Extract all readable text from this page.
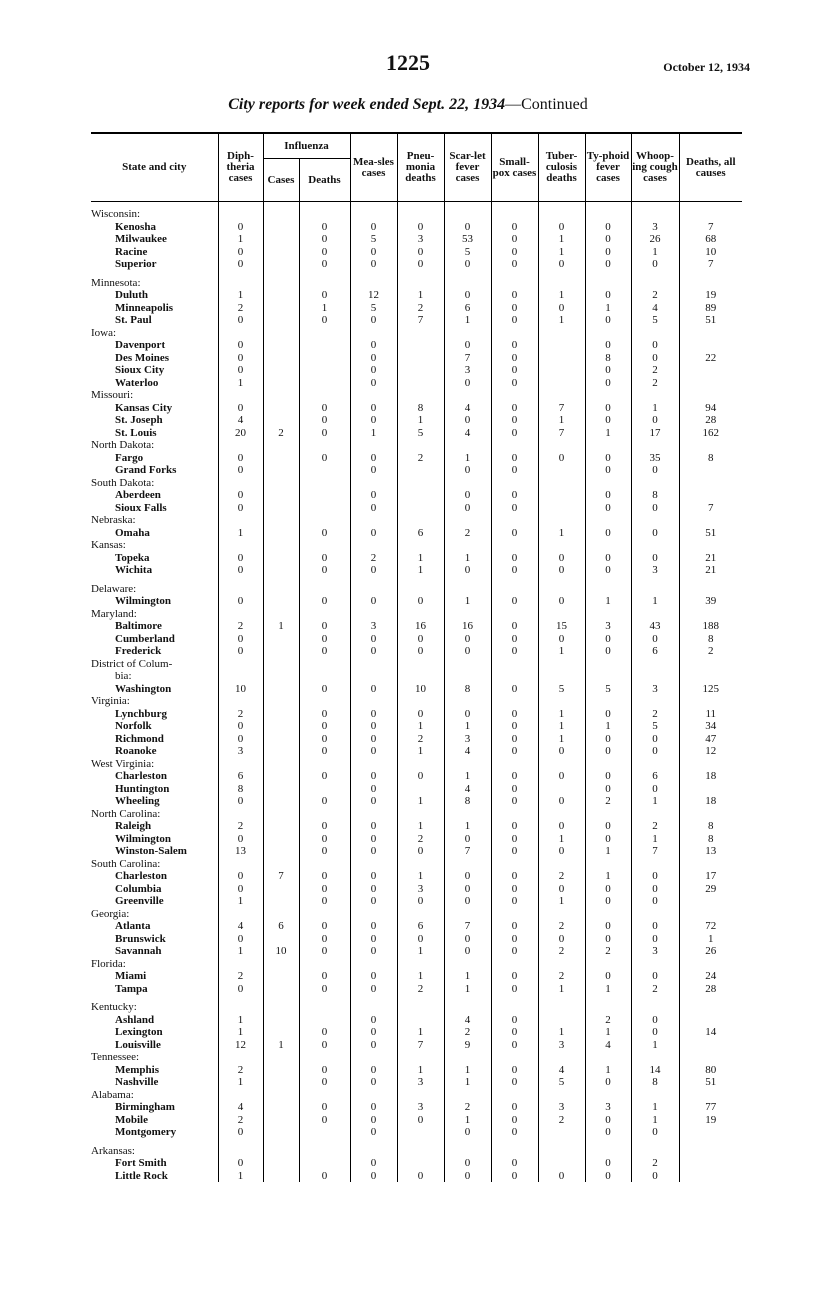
1225	October 12, 1934
City reports for week ended Sept. 22, 1934—Continued
State and city	Diph-theria cases	Influenza		Mea-sles cases	Pneu-monia deaths	Scar-let fever cases	Small-pox cases	Tuber-culosis deaths	Ty-phoid fever cases	Whoop-ing cough cases	Deaths, all causes
		Cases	Deaths								

Wisconsin:											
Kenosha	0		0	0	0	0	0	0	0	3	7
Milwaukee	1		0	5	3	53	0	1	0	26	68
Racine	0		0	0	0	5	0	1	0	1	10
Superior	0		0	0	0	0	0	0	0	0	7

Minnesota:											
Duluth	1		0	12	1	0	0	1	0	2	19
Minneapolis	2		1	5	2	6	0	0	1	4	89
St. Paul	0		0	0	7	1	0	1	0	5	51
Iowa:											
Davenport	0			0		0	0		0	0	
Des Moines	0			0		7	0		8	0	22
Sioux City	0			0		3	0		0	2	
Waterloo	1			0		0	0		0	2	
Missouri:											
Kansas City	0		0	0	8	4	0	7	0	1	94
St. Joseph	4		0	0	1	0	0	1	0	0	28
St. Louis	20	2	0	1	5	4	0	7	1	17	162
North Dakota:											
Fargo	0		0	0	2	1	0	0	0	35	8
Grand Forks	0			0		0	0		0	0	
South Dakota:											
Aberdeen	0			0		0	0		0	8	
Sioux Falls	0			0		0	0		0	0	7
Nebraska:											
Omaha	1		0	0	6	2	0	1	0	0	51
Kansas:											
Topeka	0		0	2	1	1	0	0	0	0	21
Wichita	0		0	0	1	0	0	0	0	3	21

Delaware:											
Wilmington	0		0	0	0	1	0	0	1	1	39
Maryland:											
Baltimore	2	1	0	3	16	16	0	15	3	43	188
Cumberland	0		0	0	0	0	0	0	0	0	8
Frederick	0		0	0	0	0	0	1	0	6	2
District of Colum-											
bia:											
Washington	10		0	0	10	8	0	5	5	3	125
Virginia:											
Lynchburg	2		0	0	0	0	0	1	0	2	11
Norfolk	0		0	0	1	1	0	1	1	5	34
Richmond	0		0	0	2	3	0	1	0	0	47
Roanoke	3		0	0	1	4	0	0	0	0	12
West Virginia:											
Charleston	6		0	0	0	1	0	0	0	6	18
Huntington	8			0		4	0		0	0	
Wheeling	0		0	0	1	8	0	0	2	1	18
North Carolina:											
Raleigh	2		0	0	1	1	0	0	0	2	8
Wilmington	0		0	0	2	0	0	1	0	1	8
Winston-Salem	13		0	0	0	7	0	0	1	7	13
South Carolina:											
Charleston	0	7	0	0	1	0	0	2	1	0	17
Columbia	0		0	0	3	0	0	0	0	0	29
Greenville	1		0	0	0	0	0	1	0	0	
Georgia:											
Atlanta	4	6	0	0	6	7	0	2	0	0	72
Brunswick	0		0	0	0	0	0	0	0	0	1
Savannah	1	10	0	0	1	0	0	2	2	3	26
Florida:											
Miami	2		0	0	1	1	0	2	0	0	24
Tampa	0		0	0	2	1	0	1	1	2	28

Kentucky:											
Ashland	1			0		4	0		2	0	
Lexington	1		0	0	1	2	0	1	1	0	14
Louisville	12	1	0	0	7	9	0	3	4	1	
Tennessee:											
Memphis	2		0	0	1	1	0	4	1	14	80
Nashville	1		0	0	3	1	0	5	0	8	51
Alabama:											
Birmingham	4		0	0	3	2	0	3	3	1	77
Mobile	2		0	0	0	1	0	2	0	1	19
Montgomery	0			0		0	0		0	0	

Arkansas:											
Fort Smith	0			0		0	0		0	2	
Little Rock	1		0	0	0	0	0	0	0	0	
